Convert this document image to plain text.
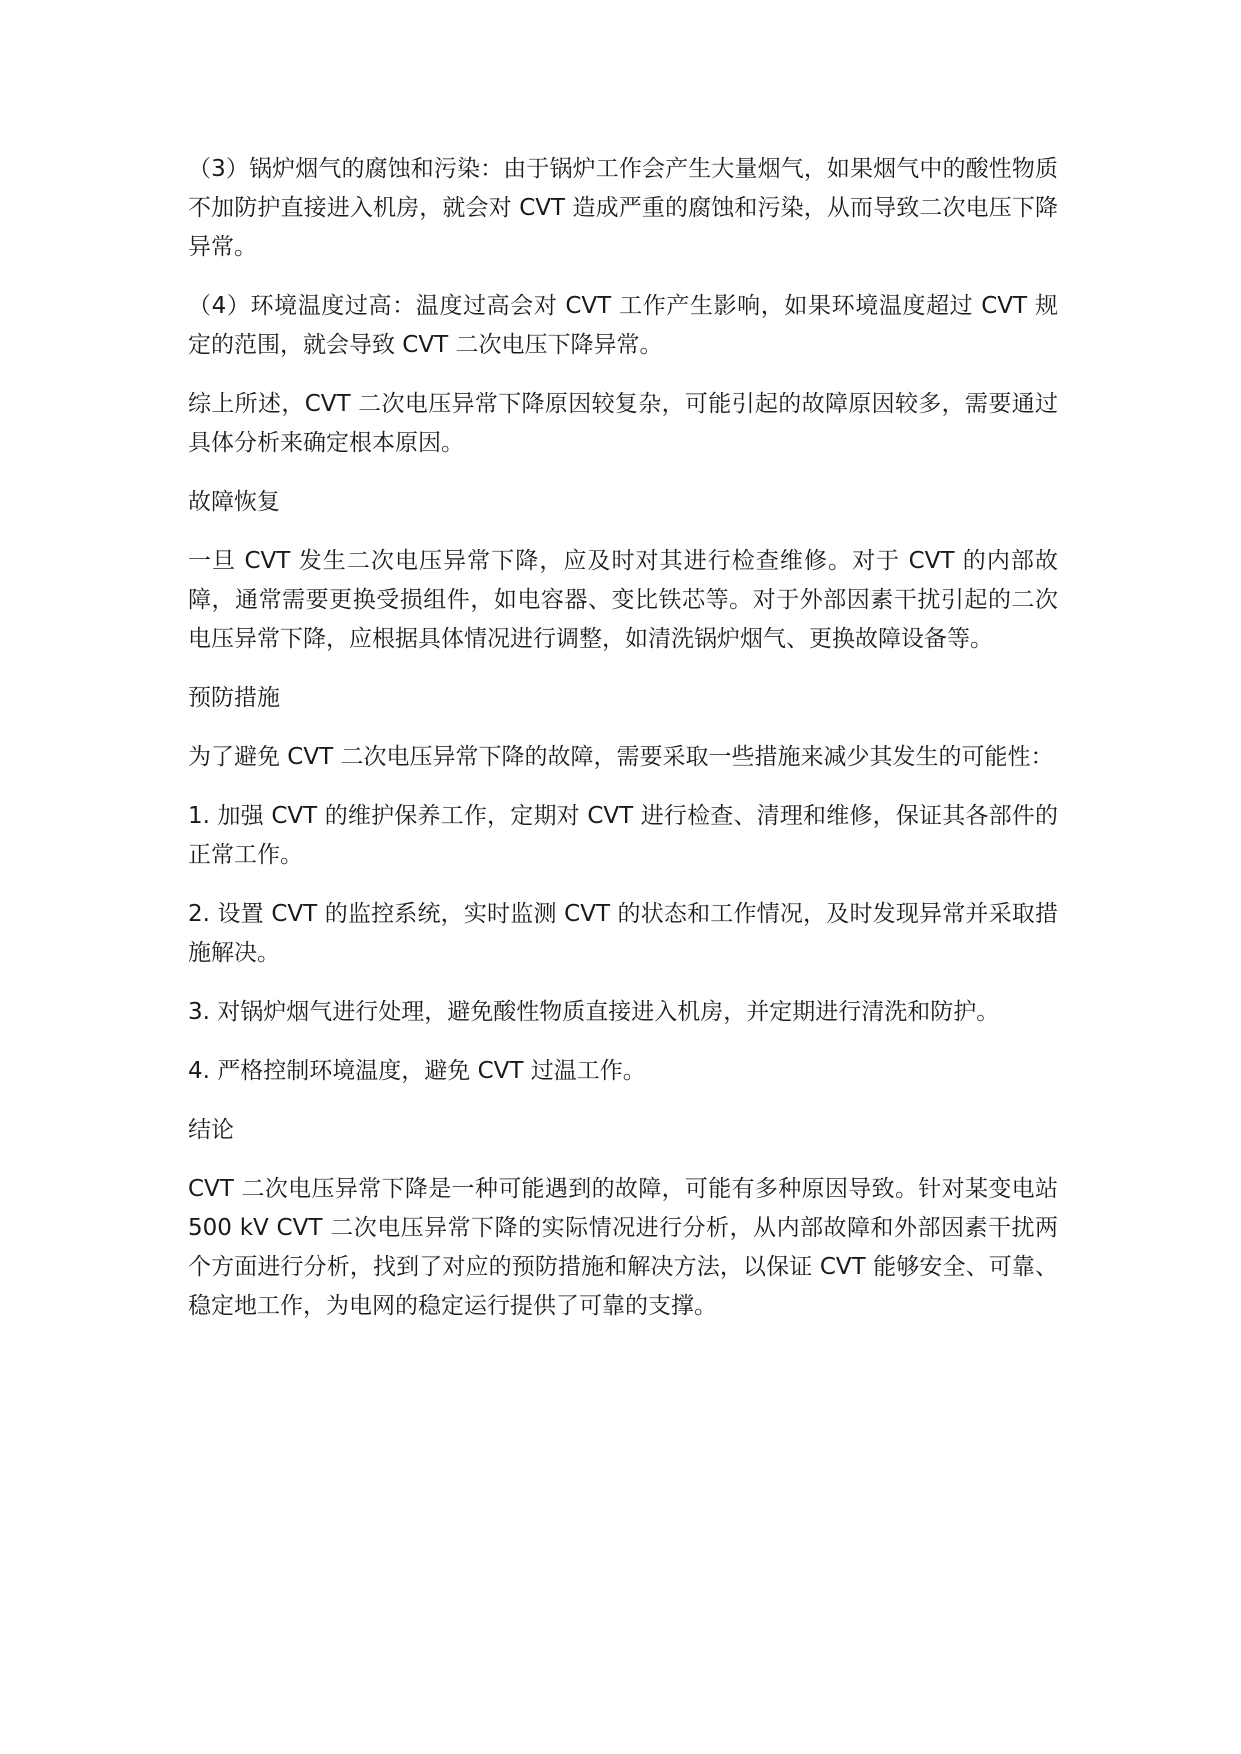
（3）锅炉烟气的腐蚀和污染：由于锅炉工作会产生大量烟气，如果烟气中的酸性物质不加防护直接进入机房，就会对 CVT 造成严重的腐蚀和污染，从而导致二次电压下降异常。

（4）环境温度过高：温度过高会对 CVT 工作产生影响，如果环境温度超过 CVT 规定的范围，就会导致 CVT 二次电压下降异常。

综上所述，CVT 二次电压异常下降原因较复杂，可能引起的故障原因较多，需要通过具体分析来确定根本原因。

故障恢复

一旦 CVT 发生二次电压异常下降，应及时对其进行检查维修。对于 CVT 的内部故障，通常需要更换受损组件，如电容器、变比铁芯等。对于外部因素干扰引起的二次电压异常下降，应根据具体情况进行调整，如清洗锅炉烟气、更换故障设备等。

预防措施

为了避免 CVT 二次电压异常下降的故障，需要采取一些措施来减少其发生的可能性：

1. 加强 CVT 的维护保养工作，定期对 CVT 进行检查、清理和维修，保证其各部件的正常工作。

2. 设置 CVT 的监控系统，实时监测 CVT 的状态和工作情况，及时发现异常并采取措施解决。

3. 对锅炉烟气进行处理，避免酸性物质直接进入机房，并定期进行清洗和防护。

4. 严格控制环境温度，避免 CVT 过温工作。

结论

CVT 二次电压异常下降是一种可能遇到的故障，可能有多种原因导致。针对某变电站 500 kV CVT 二次电压异常下降的实际情况进行分析，从内部故障和外部因素干扰两个方面进行分析，找到了对应的预防措施和解决方法，以保证 CVT 能够安全、可靠、稳定地工作，为电网的稳定运行提供了可靠的支撑。
